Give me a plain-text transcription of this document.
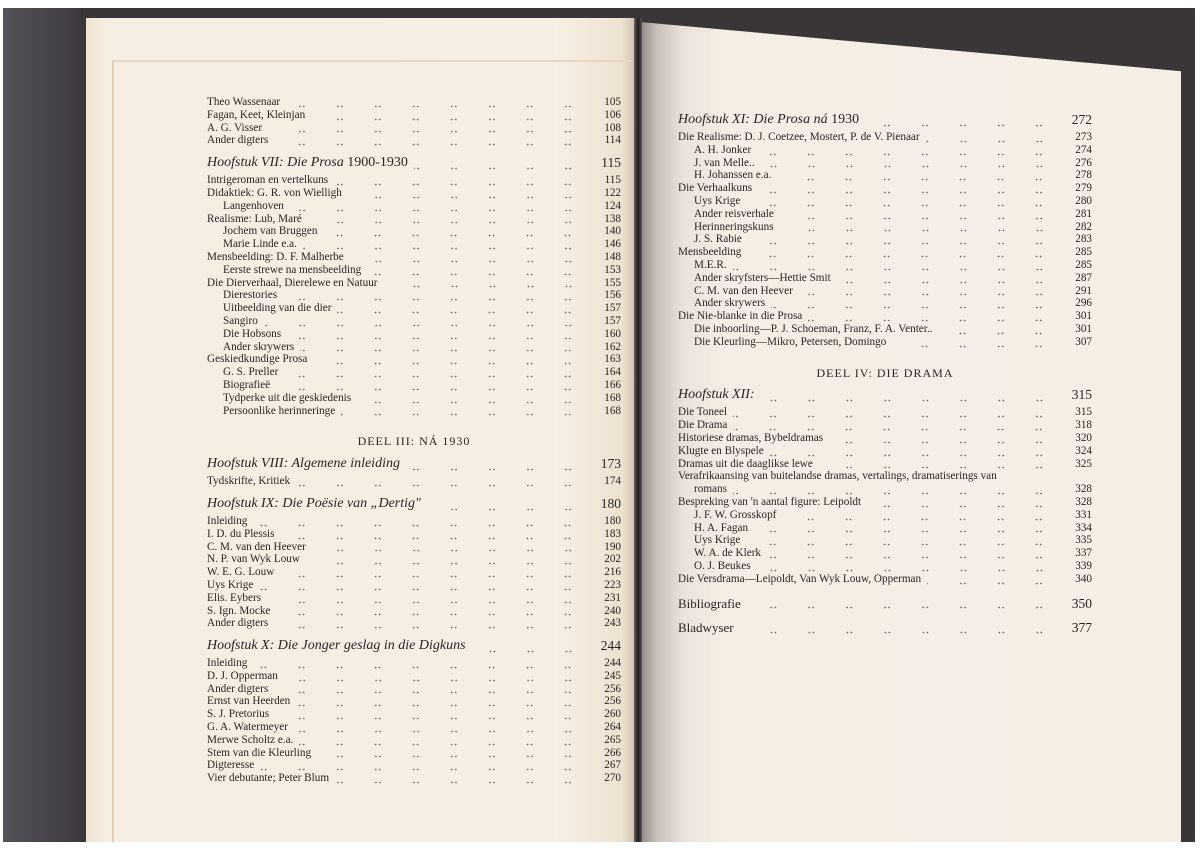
Theo Wassenaar	105
Fagan, Keet, Kleinjan	106
A. G. Visser	108
Ander digters	114
Hoofstuk VII: Die Prosa 1900-1930	115
Intrigeroman en vertelkuns	115
Didaktiek: G. R. von Wielligh	122
Langenhoven	124
Realisme: Lub, Maré	138
Jochem van Bruggen	140
Marie Linde e.a.	146
Mensbeelding: D. F. Malherbe	148
Eerste strewe na mensbeelding	153
Die Dierverhaal, Dierelewe en Natuur	155
Dierestories	156
Uitbeelding van die dier	157
Sangiro	157
Die Hobsons	160
Ander skrywers	162
Geskiedkundige Prosa	163
G. S. Preller	164
Biografieë	166
Tydperke uit die geskiedenis	168
Persoonlike herinneringe	168
DEEL III: NÁ 1930
Hoofstuk VIII: Algemene inleiding	173
Tydskrifte, Kritiek	174
Hoofstuk IX: Die Poësie van „Dertig"	180
Inleiding	180
I. D. du Plessis	183
C. M. van den Heever	190
N. P. van Wyk Louw	202
W. E. G. Louw	216
Uys Krige	223
Elis. Eybers	231
S. Ign. Mocke	240
Ander digters	243
Hoofstuk X: Die Jonger geslag in die Digkuns	244
Inleiding	244
D. J. Opperman	245
Ander digters	256
Ernst van Heerden	256
S. J. Pretorius	260
G. A. Watermeyer	264
Merwe Scholtz e.a.	265
Stem van die Kleurling	266
Digteresse	267
Vier debutante; Peter Blum	270
Hoofstuk XI: Die Prosa ná 1930	272
Die Realisme: D. J. Coetzee, Mostert, P. de V. Pienaar	273
A. H. Jonker	274
J. van Melle..	276
H. Johanssen e.a.	278
Die Verhaalkuns	279
Uys Krige	280
Ander reisverhale	281
Herinneringskuns	282
J. S. Rabie	283
Mensbeelding	285
M.E.R.	285
Ander skryfsters—Hettie Smit	287
C. M. van den Heever	291
Ander skrywers	296
Die Nie-blanke in die Prosa	301
Die inboorling—P. J. Schoeman, Franz, F. A. Venter..	301
Die Kleurling—Mikro, Petersen, Domingo	307
DEEL IV: DIE DRAMA
Hoofstuk XII:	315
Die Toneel	315
Die Drama	318
Historiese dramas, Bybeldramas	320
Klugte en Blyspele	324
Dramas uit die daaglikse lewe	325
Verafrikaansing van buitelandse dramas, vertalings, dramatiserings van
romans	328
Bespreking van 'n aantal figure: Leipoldt	328
J. F. W. Grosskopf	331
H. A. Fagan	334
Uys Krige	335
W. A. de Klerk	337
O. J. Beukes	339
Die Versdrama—Leipoldt, Van Wyk Louw, Opperman	340
Bibliografie	350
Bladwyser	377
